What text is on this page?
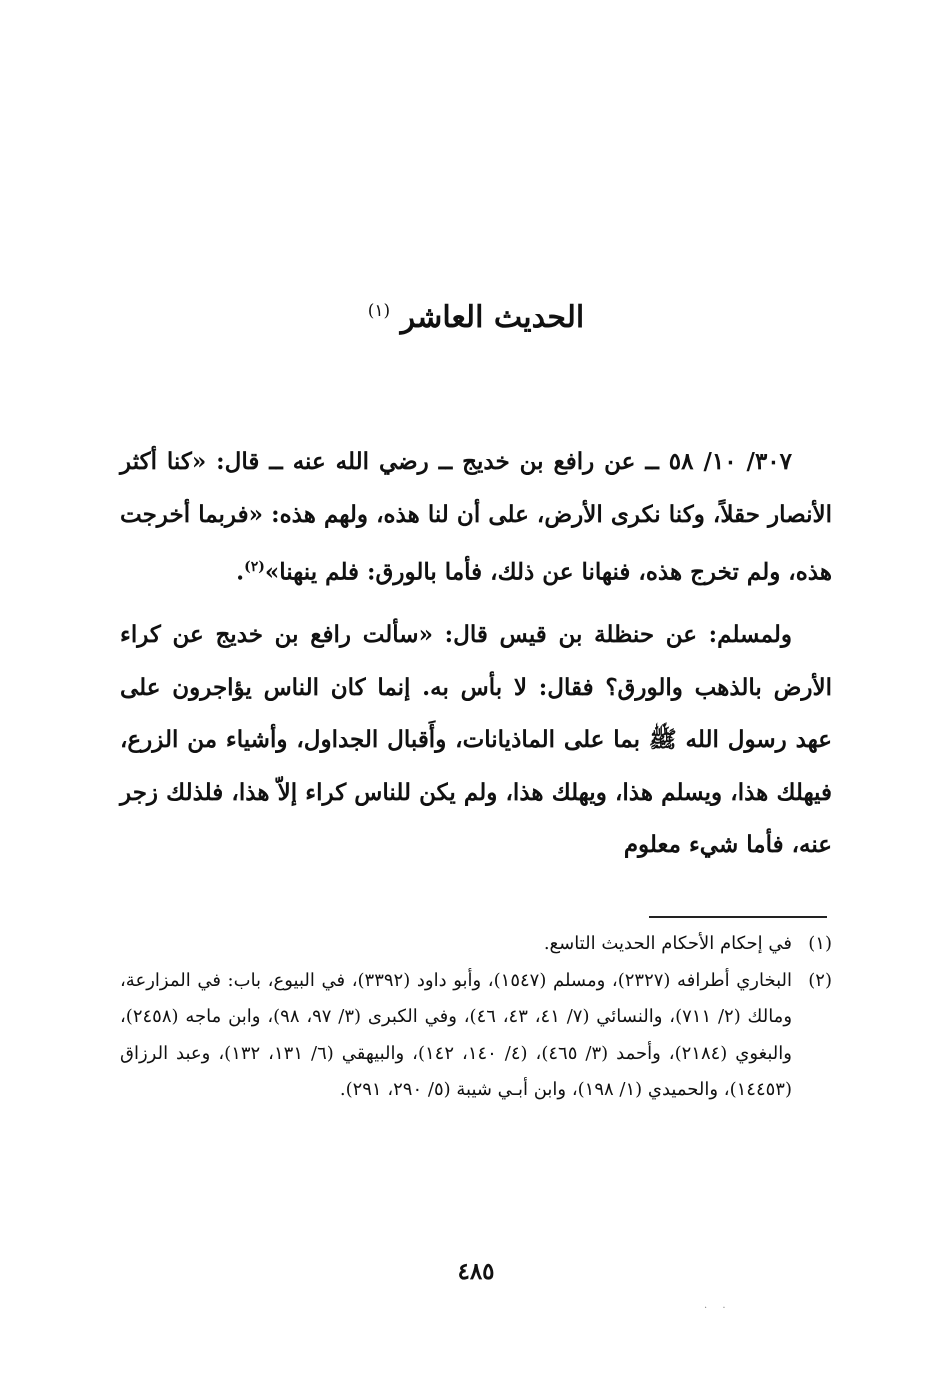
الحديث العاشر $^{(١)}$

٣٠٧/ ١٠/ ٥٨ ــ عن رافع بن خديج ــ رضي الله عنه ــ قال: «كنا أكثر الأنصار حقلاً، وكنا نكرى الأرض، على أن لنا هذه، ولهم هذه: «فربما أخرجت هذه، ولم تخرج هذه، فنهانا عن ذلك، فأما بالورق: فلم ينهنا»$^{(٢)}$.

ولمسلم: عن حنظلة بن قيس قال: «سألت رافع بن خديج عن كراء الأرض بالذهب والورق؟ فقال: لا بأس به. إنما كان الناس يؤاجرون على عهد رسول الله ﷺ بما على الماذيانات، وأَقبال الجداول، وأشياء من الزرع، فيهلك هذا، ويسلم هذا، ويهلك هذا، ولم يكن للناس كراء إلاّ هذا، فلذلك زجر عنه، فأما شيء معلوم

(١)
في إحكام الأحكام الحديث التاسع.
(٢)
البخاري أطرافه (٢٣٢٧)، ومسلم (١٥٤٧)، وأبو داود (٣٣٩٢)، في البيوع، باب: في المزارعة، ومالك (٢/ ٧١١)، والنسائي (٧/ ٤١، ٤٣، ٤٦)، وفي الكبرى (٣/ ٩٧، ٩٨)، وابن ماجه (٢٤٥٨)، والبغوي (٢١٨٤)، وأحمد (٣/ ٤٦٥)، (٤/ ١٤٠، ١٤٢)، والبيهقي (٦/ ١٣١، ١٣٢)، وعبد الرزاق (١٤٤٥٣)، والحميدي (١/ ١٩٨)، وابن أبـي شيبة (٥/ ٢٩٠، ٢٩١).
٤٨٥
. .
